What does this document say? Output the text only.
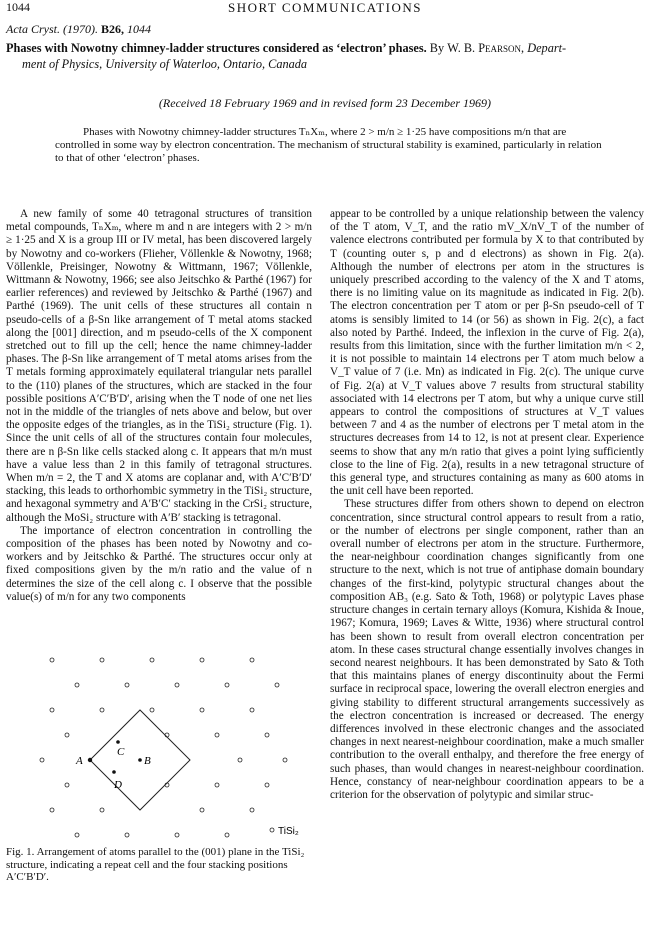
1044	SHORT COMMUNICATIONS
Acta Cryst. (1970). B26, 1044
Phases with Nowotny chimney-ladder structures considered as ‘electron’ phases. By W. B. Pearson, Depart-
ment of Physics, University of Waterloo, Ontario, Canada
(Received 18 February 1969 and in revised form 23 December 1969)
Phases with Nowotny chimney-ladder structures TₙXₘ, where 2 > m/n ≥ 1·25 have compositions m/n that are controlled in some way by electron concentration. The mechanism of structural stability is examined, particularly in relation to that of other ‘electron’ phases.

A new family of some 40 tetragonal structures of transition metal compounds, TₙXₘ, where m and n are integers with 2 > m/n ≥ 1·25 and X is a group III or IV metal, has been discovered largely by Nowotny and co-workers (Flieher, Völlenkle & Nowotny, 1968; Völlenkle, Preisinger, Nowotny & Wittmann, 1967; Völlenkle, Wittmann & Nowotny, 1966; see also Jeitschko & Parthé (1967) for earlier references) and reviewed by Jeitschko & Parthé (1967) and Parthé (1969). The unit cells of these structures all contain n pseudo-cells of a β-Sn like arrangement of T metal atoms stacked along the [001] direction, and m pseudo-cells of the X component stretched out to fill up the cell; hence the name chimney-ladder phases. The β-Sn like arrangement of T metal atoms arises from the T metals forming approximately equilateral triangular nets parallel to the (110) planes of the structures, which are stacked in the four possible positions A′C′B′D′, arising when the T node of one net lies not in the middle of the triangles of nets above and below, but over the opposite edges of the triangles, as in the TiSi₂ structure (Fig. 1). Since the unit cells of all of the structures contain four molecules, there are n β-Sn like cells stacked along c. It appears that m/n must have a value less than 2 in this family of tetragonal structures. When m/n = 2, the T and X atoms are coplanar and, with A′C′B′D′ stacking, this leads to orthorhombic symmetry in the TiSi₂ structure, and hexagonal symmetry and A′B′C′ stacking in the CrSi₂ structure, although the MoSi₂ structure with A′B′ stacking is tetragonal.

The importance of electron concentration in controlling the composition of the phases has been noted by Nowotny and co-workers and by Jeitschko & Parthé. The structures occur only at fixed compositions given by the m/n ratio and the value of n determines the size of the cell along c. I observe that the possible value(s) of m/n for any two components

appear to be controlled by a unique relationship between the valency of the T atom, V_T, and the ratio mV_X/nV_T of the number of valence electrons contributed per formula by X to that contributed by T (counting outer s, p and d electrons) as shown in Fig. 2(a). Although the number of electrons per atom in the structures is uniquely prescribed according to the valency of the X and T atoms, there is no limiting value on its magnitude as indicated in Fig. 2(b). The electron concentration per T atom or per β-Sn pseudo-cell of T atoms is sensibly limited to 14 (or 56) as shown in Fig. 2(c), a fact also noted by Parthé. Indeed, the inflexion in the curve of Fig. 2(a), results from this limitation, since with the further limitation m/n < 2, it is not possible to maintain 14 electrons per T atom much below a V_T value of 7 (i.e. Mn) as indicated in Fig. 2(c). The unique curve of Fig. 2(a) at V_T values above 7 results from structural stability associated with 14 electrons per T atom, but why a unique curve still appears to control the compositions of structures at V_T values between 7 and 4 as the number of electrons per T metal atom in the structures decreases from 14 to 12, is not at present clear. Experience seems to show that any m/n ratio that gives a point lying sufficiently close to the line of Fig. 2(a), results in a new tetragonal structure of this general type, and structures containing as many as 600 atoms in the unit cell have been reported.

These structures differ from others shown to depend on electron concentration, since structural control appears to result from a ratio, or the number of electrons per single component, rather than an overall number of electrons per atom in the structure. Furthermore, the near-neighbour coordination changes significantly from one structure to the next, which is not true of antiphase domain boundary changes of the first-kind, polytypic structural changes about the composition AB₃ (e.g. Sato & Toth, 1968) or polytypic Laves phase structure changes in certain ternary alloys (Komura, Kishida & Inoue, 1967; Komura, 1969; Laves & Witte, 1936) where structural control has been shown to result from overall electron concentration per atom. In these cases structural change essentially involves changes in second nearest neighbours. It has been demonstrated by Sato & Toth that this maintains planes of energy discontinuity about the Fermi surface in reciprocal space, lowering the overall electron energies and giving stability to different structural arrangements successively as the electron concentration is increased or decreased. The energy differences involved in these electronic changes and the associated changes in next nearest-neighbour coordination, make a much smaller contribution to the overall enthalpy, and therefore the free energy of such phases, than would changes in nearest-neighbour coordination. Hence, constancy of near-neighbour coordination appears to be a criterion for the observation of polytypic and similar struc-

A
C
B
D
TiSi₂
Fig. 1. Arrangement of atoms parallel to the (001) plane in the TiSi₂ structure, indicating a repeat cell and the four stacking positions A′C′B′D′.
